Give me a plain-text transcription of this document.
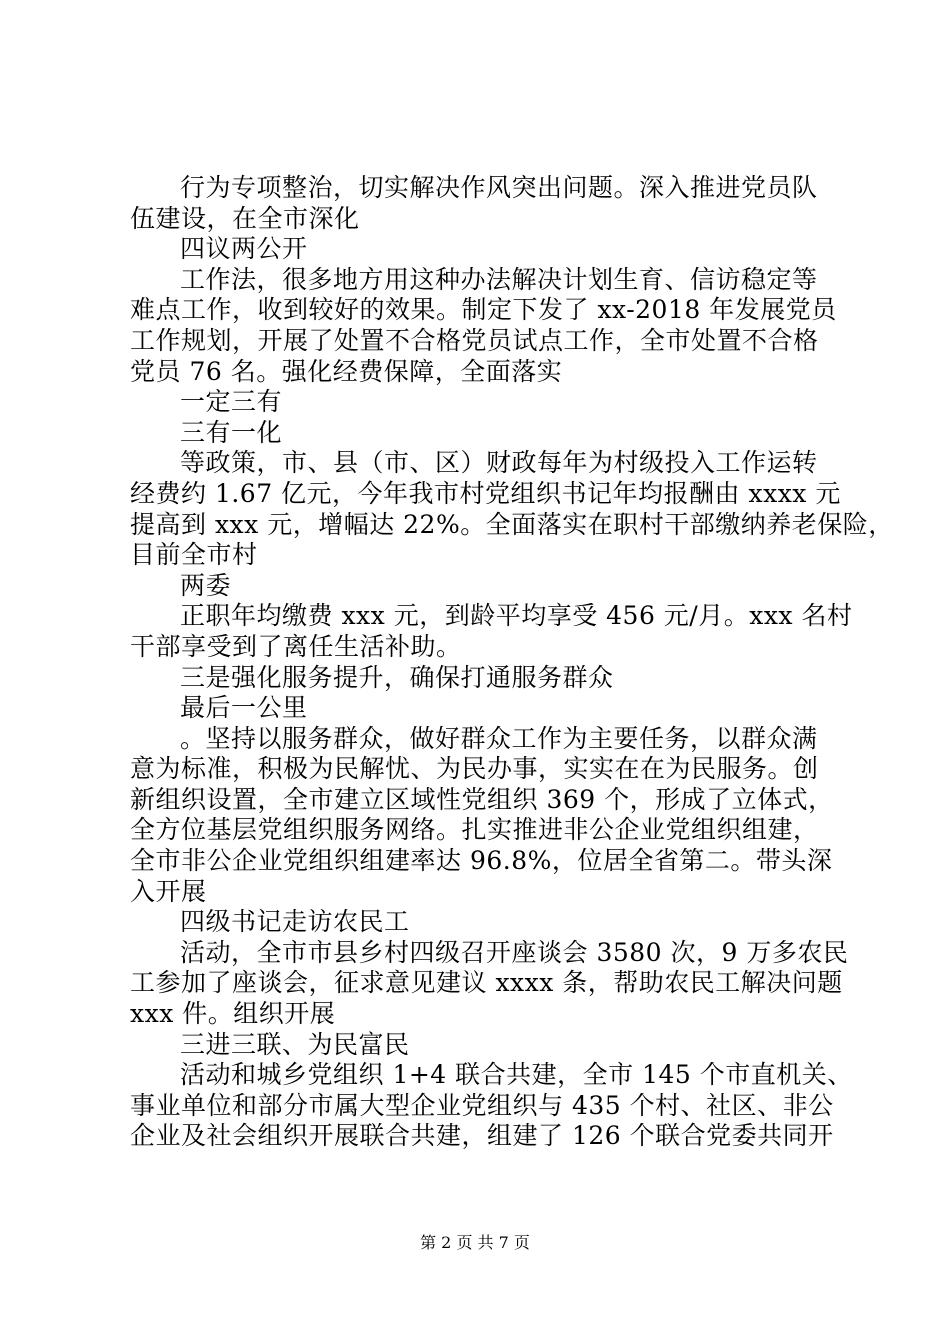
行为专项整治，切实解决作风突出问题。深入推进党员队
伍建设，在全市深化
四议两公开
工作法，很多地方用这种办法解决计划生育、信访稳定等
难点工作，收到较好的效果。制定下发了 xx-2018 年发展党员
工作规划，开展了处置不合格党员试点工作，全市处置不合格
党员 76 名。强化经费保障，全面落实
一定三有
三有一化
等政策，市、县（市、区）财政每年为村级投入工作运转
经费约 1.67 亿元，今年我市村党组织书记年均报酬由 xxxx 元
提高到 xxx 元，增幅达 22%。全面落实在职村干部缴纳养老保险，
目前全市村
两委
正职年均缴费 xxx 元，到龄平均享受 456 元/月。xxx 名村
干部享受到了离任生活补助。
三是强化服务提升，确保打通服务群众
最后一公里
。坚持以服务群众，做好群众工作为主要任务，以群众满
意为标准，积极为民解忧、为民办事，实实在在为民服务。创
新组织设置，全市建立区域性党组织 369 个，形成了立体式，
全方位基层党组织服务网络。扎实推进非公企业党组织组建，
全市非公企业党组织组建率达 96.8%，位居全省第二。带头深
入开展
四级书记走访农民工
活动，全市市县乡村四级召开座谈会 3580 次，9 万多农民
工参加了座谈会，征求意见建议 xxxx 条，帮助农民工解决问题
xxx 件。组织开展
三进三联、为民富民
活动和城乡党组织 1+4 联合共建，全市 145 个市直机关、
事业单位和部分市属大型企业党组织与 435 个村、社区、非公
企业及社会组织开展联合共建，组建了 126 个联合党委共同开
第 2 页 共 7 页
